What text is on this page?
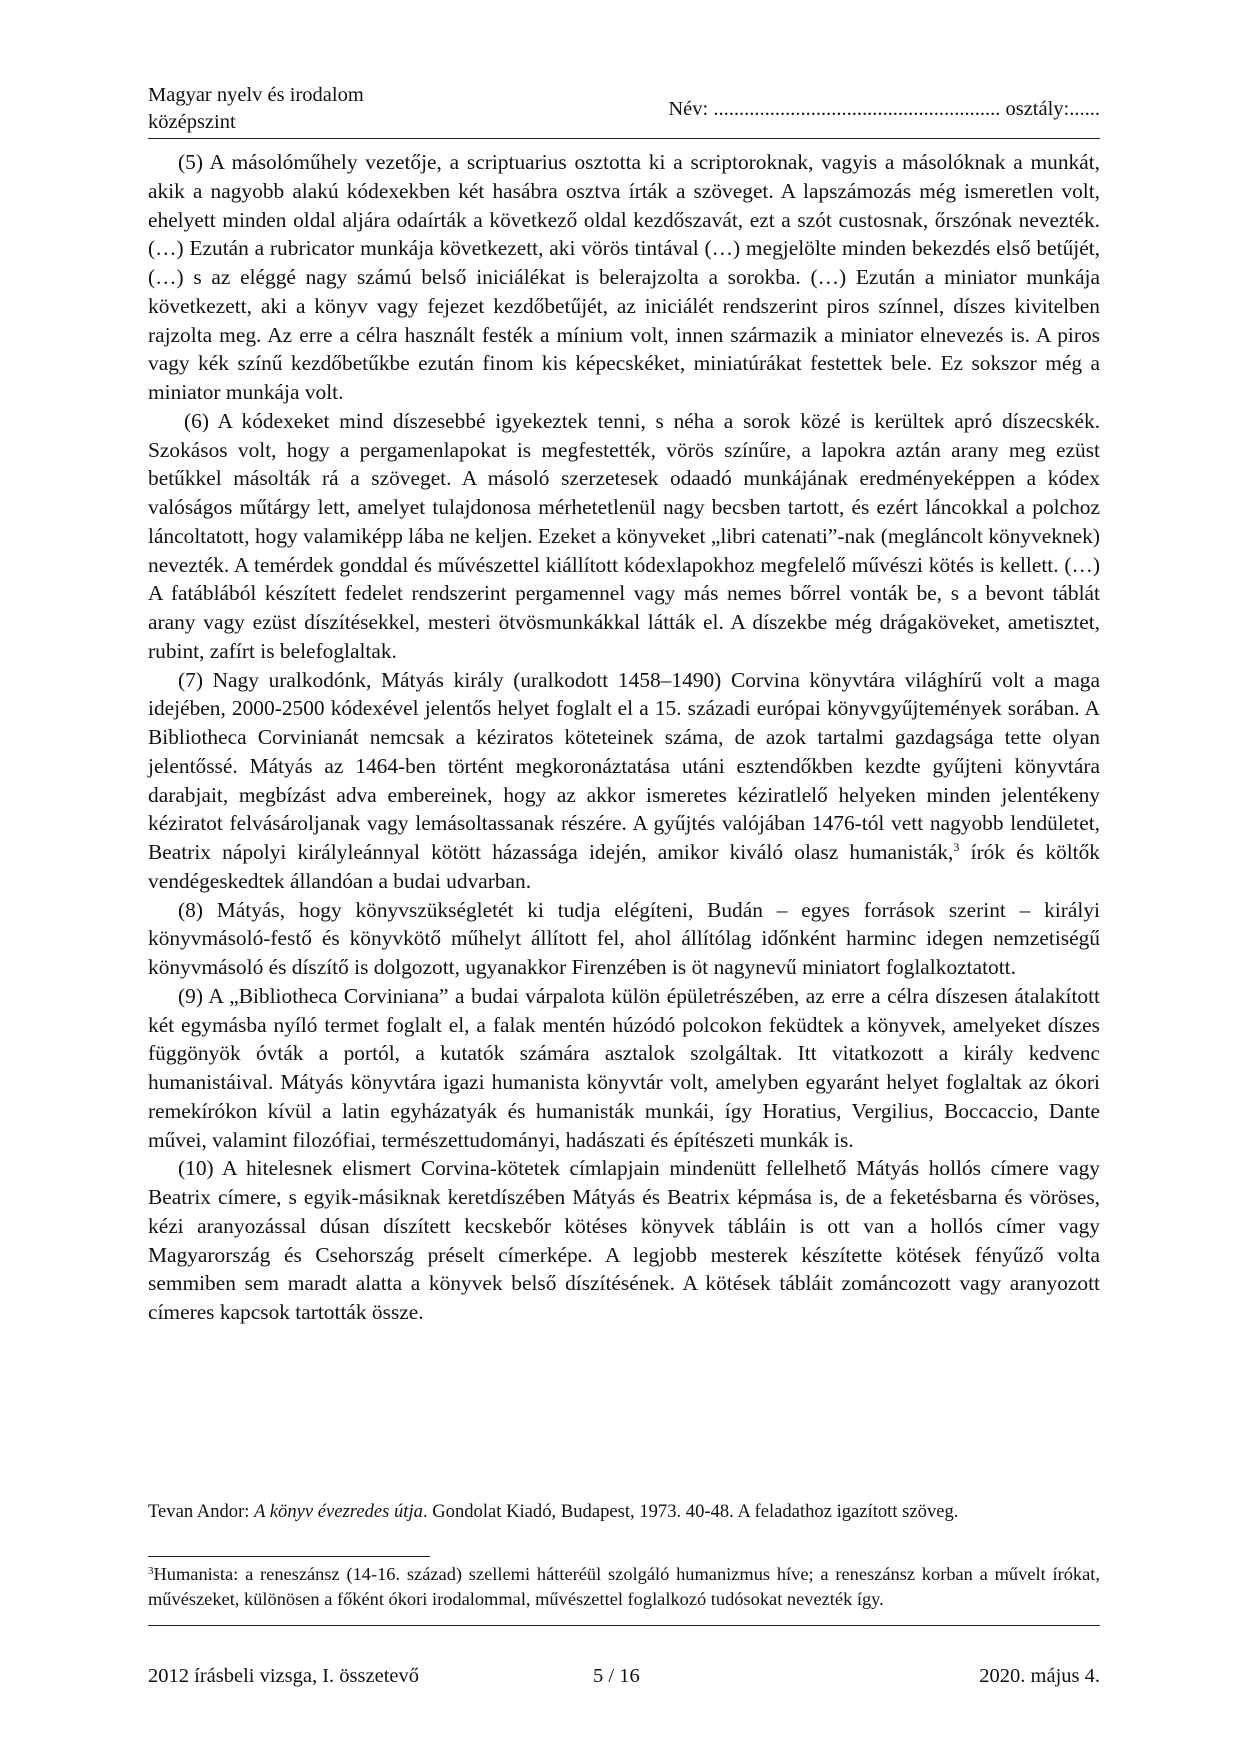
Magyar nyelv és irodalom
középszint
Név: ........................................................ osztály:......

(5) A másolóműhely vezetője, a scriptuarius osztotta ki a scriptoroknak, vagyis a másolóknak a munkát, akik a nagyobb alakú kódexekben két hasábra osztva írták a szöveget. A lapszámozás még ismeretlen volt, ehelyett minden oldal aljára odaírták a következő oldal kezdőszavát, ezt a szót custosnak, őrszónak nevezték. (…) Ezután a rubricator munkája következett, aki vörös tintával (…) megjelölte minden bekezdés első betűjét, (…) s az eléggé nagy számú belső iniciálékat is belerajzolta a sorokba. (…) Ezután a miniator munkája következett, aki a könyv vagy fejezet kezdőbetűjét, az iniciálét rendszerint piros színnel, díszes kivitelben rajzolta meg. Az erre a célra használt festék a mínium volt, innen származik a miniator elnevezés is. A piros vagy kék színű kezdőbetűkbe ezután finom kis képecskéket, miniatúrákat festettek bele. Ez sokszor még a miniator munkája volt.

(6) A kódexeket mind díszesebbé igyekeztek tenni, s néha a sorok közé is kerültek apró díszecskék. Szokásos volt, hogy a pergamenlapokat is megfestették, vörös színűre, a lapokra aztán arany meg ezüst betűkkel másolták rá a szöveget. A másoló szerzetesek odaadó munkájának eredményeképpen a kódex valóságos műtárgy lett, amelyet tulajdonosa mérhetetlenül nagy becsben tartott, és ezért láncokkal a polchoz láncoltatott, hogy valamiképp lába ne keljen. Ezeket a könyveket „libri catenati”-nak (megláncolt könyveknek) nevezték. A temérdek gonddal és művészettel kiállított kódexlapokhoz megfelelő művészi kötés is kellett. (…) A fatáblából készített fedelet rendszerint pergamennel vagy más nemes bőrrel vonták be, s a bevont táblát arany vagy ezüst díszítésekkel, mesteri ötvösmunkákkal látták el. A díszekbe még drágaköveket, ametisztet, rubint, zafírt is belefoglaltak.

(7) Nagy uralkodónk, Mátyás király (uralkodott 1458–1490) Corvina könyvtára világhírű volt a maga idejében, 2000-2500 kódexével jelentős helyet foglalt el a 15. századi európai könyvgyűjtemények sorában. A Bibliotheca Corvinianát nemcsak a kéziratos köteteinek száma, de azok tartalmi gazdagsága tette olyan jelentőssé. Mátyás az 1464-ben történt megkoronáztatása utáni esztendőkben kezdte gyűjteni könyvtára darabjait, megbízást adva embereinek, hogy az akkor ismeretes kéziratlelő helyeken minden jelentékeny kéziratot felvásároljanak vagy lemásoltassanak részére. A gyűjtés valójában 1476-tól vett nagyobb lendületet, Beatrix nápolyi királyleánnyal kötött házassága idején, amikor kiváló olasz humanisták,$^3$ írók és költők vendégeskedtek állandóan a budai udvarban.

(8) Mátyás, hogy könyvszükségletét ki tudja elégíteni, Budán – egyes források szerint – királyi könyvmásoló-festő és könyvkötő műhelyt állított fel, ahol állítólag időnként harminc idegen nemzetiségű könyvmásoló és díszítő is dolgozott, ugyanakkor Firenzében is öt nagynevű miniatort foglalkoztatott.

(9) A „Bibliotheca Corviniana” a budai várpalota külön épületrészében, az erre a célra díszesen átalakított két egymásba nyíló termet foglalt el, a falak mentén húzódó polcokon feküdtek a könyvek, amelyeket díszes függönyök óvták a portól, a kutatók számára asztalok szolgáltak. Itt vitatkozott a király kedvenc humanistáival. Mátyás könyvtára igazi humanista könyvtár volt, amelyben egyaránt helyet foglaltak az ókori remekírókon kívül a latin egyházatyák és humanisták munkái, így Horatius, Vergilius, Boccaccio, Dante művei, valamint filozófiai, természettudományi, hadászati és építészeti munkák is.

(10) A hitelesnek elismert Corvina-kötetek címlapjain mindenütt fellelhető Mátyás hollós címere vagy Beatrix címere, s egyik-másiknak keretdíszében Mátyás és Beatrix képmása is, de a feketésbarna és vöröses, kézi aranyozással dúsan díszített kecskebőr kötéses könyvek tábláin is ott van a hollós címer vagy Magyarország és Csehország préselt címerképe. A legjobb mesterek készítette kötések fényűző volta semmiben sem maradt alatta a könyvek belső díszítésének. A kötések tábláit zománcozott vagy aranyozott címeres kapcsok tartották össze.

Tevan Andor: A könyv évezredes útja. Gondolat Kiadó, Budapest, 1973. 40-48. A feladathoz igazított szöveg.
$^3$Humanista: a reneszánsz (14-16. század) szellemi hátteréül szolgáló humanizmus híve; a reneszánsz korban a művelt írókat, művészeket, különösen a főként ókori irodalommal, művészettel foglalkozó tudósokat nevezték így.
2012 írásbeli vizsga, I. összetevő	5 / 16	2020. május 4.
